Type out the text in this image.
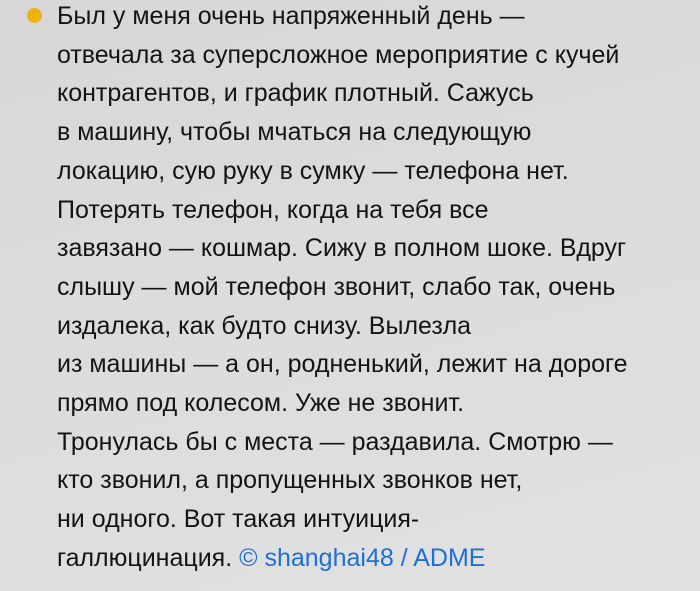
Был у меня очень напряженный день —
отвечала за суперсложное мероприятие с кучей
контрагентов, и график плотный. Сажусь
в машину, чтобы мчаться на следующую
локацию, сую руку в сумку — телефона нет.
Потерять телефон, когда на тебя все
завязано — кошмар. Сижу в полном шоке. Вдруг
слышу — мой телефон звонит, слабо так, очень
издалека, как будто снизу. Вылезла
из машины — а он, родненький, лежит на дороге
прямо под колесом. Уже не звонит.
Тронулась бы с места — раздавила. Смотрю —
кто звонил, а пропущенных звонков нет,
ни одного. Вот такая интуиция-
галлюцинация. © shanghai48 / ADME
